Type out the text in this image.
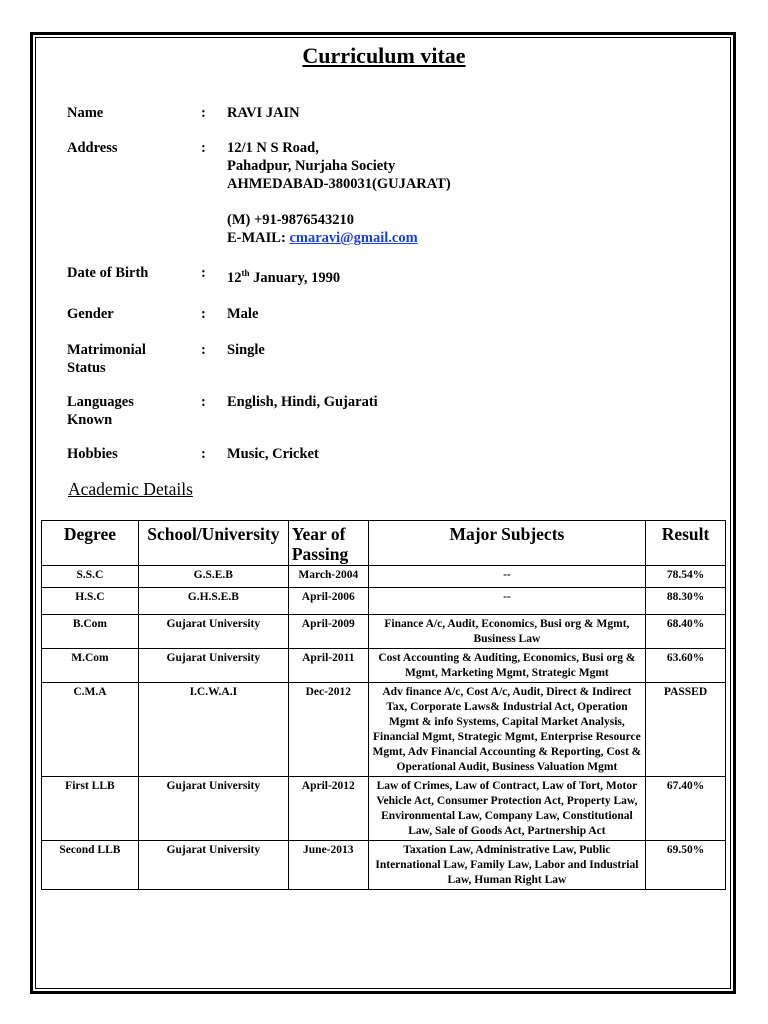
Curriculum vitae
Name	:	RAVI JAIN
Address	:	12/1 N S Road,
Pahadpur, Nurjaha Society
AHMEDABAD-380031(GUJARAT)
(M) +91-9876543210
E-MAIL: cmaravi@gmail.com
Date of Birth	:	12th January, 1990
Gender	:	Male
Matrimonial
Status
:	Single
Languages
Known
:	English, Hindi, Gujarati
Hobbies	:	Music, Cricket
Academic Details
Degree	School/University	Year of Passing	Major Subjects	Result
S.S.C	G.S.E.B	March-2004	--	78.54%
H.S.C	G.H.S.E.B	April-2006	--	88.30%
B.Com	Gujarat University	April-2009	Finance A/c, Audit, Economics, Busi org & Mgmt, Business Law	68.40%
M.Com	Gujarat University	April-2011	Cost Accounting & Auditing, Economics, Busi org & Mgmt, Marketing Mgmt, Strategic Mgmt	63.60%
C.M.A	I.C.W.A.I	Dec-2012	Adv finance A/c, Cost A/c, Audit, Direct & Indirect Tax, Corporate Laws& Industrial Act, Operation Mgmt & info Systems, Capital Market Analysis, Financial Mgmt, Strategic Mgmt, Enterprise Resource Mgmt, Adv Financial Accounting & Reporting, Cost & Operational Audit, Business Valuation Mgmt	PASSED
First LLB	Gujarat University	April-2012	Law of Crimes, Law of Contract, Law of Tort, Motor Vehicle Act, Consumer Protection Act, Property Law, Environmental Law, Company Law, Constitutional Law, Sale of Goods Act, Partnership Act	67.40%
Second LLB	Gujarat University	June-2013	Taxation Law, Administrative Law, Public International Law, Family Law, Labor and Industrial Law, Human Right Law	69.50%
